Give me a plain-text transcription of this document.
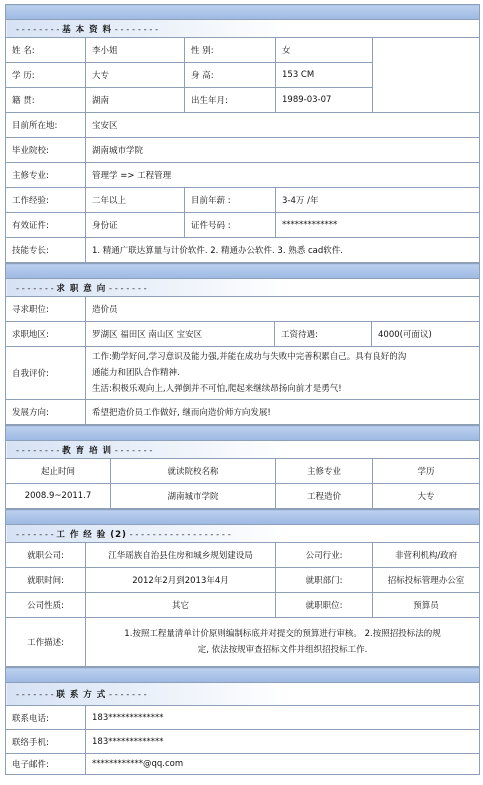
- - - - - - - - 基 本 资 料 - - - - - - - -				
姓 名:	李小姐	性 别:	女	
学 历:	大专	身 高:	153 CM	
籍 贯:	湖南	出生年月:	1989-03-07	
目前所在地:	宝安区			
毕业院校:	湖南城市学院			
主修专业:	管理学 => 工程管理			
工作经验:	二年以上	目前年薪 :	3-4万 /年	
有效证件:	身份证	证件号码 :	*************	
技能专长:	1. 精通广联达算量与计价软件. 2. 精通办公软件. 3. 熟悉 cad软件.			

- - - - - - - 求 职 意 向 - - - - - - -			
寻求职位:	造价员		
求职地区:	罗湖区 福田区 南山区 宝安区	工资待遇:	4000(可面议)
自我评价:	工作:勤学好问,学习意识及能力强,并能在成功与失败中完善积累自己。具有良好的沟
通能力和团队合作精神.
生活:积极乐观向上,人弹倒并不可怕,爬起来继续昂扬向前才是勇气!		

发展方向:	希望把造价员工作做好, 继而向造价师方向发展!		

- - - - - - - - 教 育 培 训 - - - - - - -			
起止时间	就读院校名称	主修专业	学历
2008.9~2011.7	湖南城市学院	工程造价	大专

- - - - - - - 工 作 经 验 (2) - - - - - - - - - - - - - - - - - -			
就职公司:	江华瑶族自治县住房和城乡规划建设局	公司行业:	非营利机构/政府
就职时间:	2012年2月到2013年4月	就职部门:	招标投标管理办公室
公司性质:	其它	就职职位:	预算员
工作描述:	1.按照工程量清单计价原则编制标底并对提交的预算进行审核。 2.按照招投标法的规
定, 依法按规审查招标文件并组织招投标工作.		

- - - - - - - 联 系 方 式 - - - - - - -	
联系电话:	183*************
联络手机:	183*************
电子邮件:	************@qq.com
